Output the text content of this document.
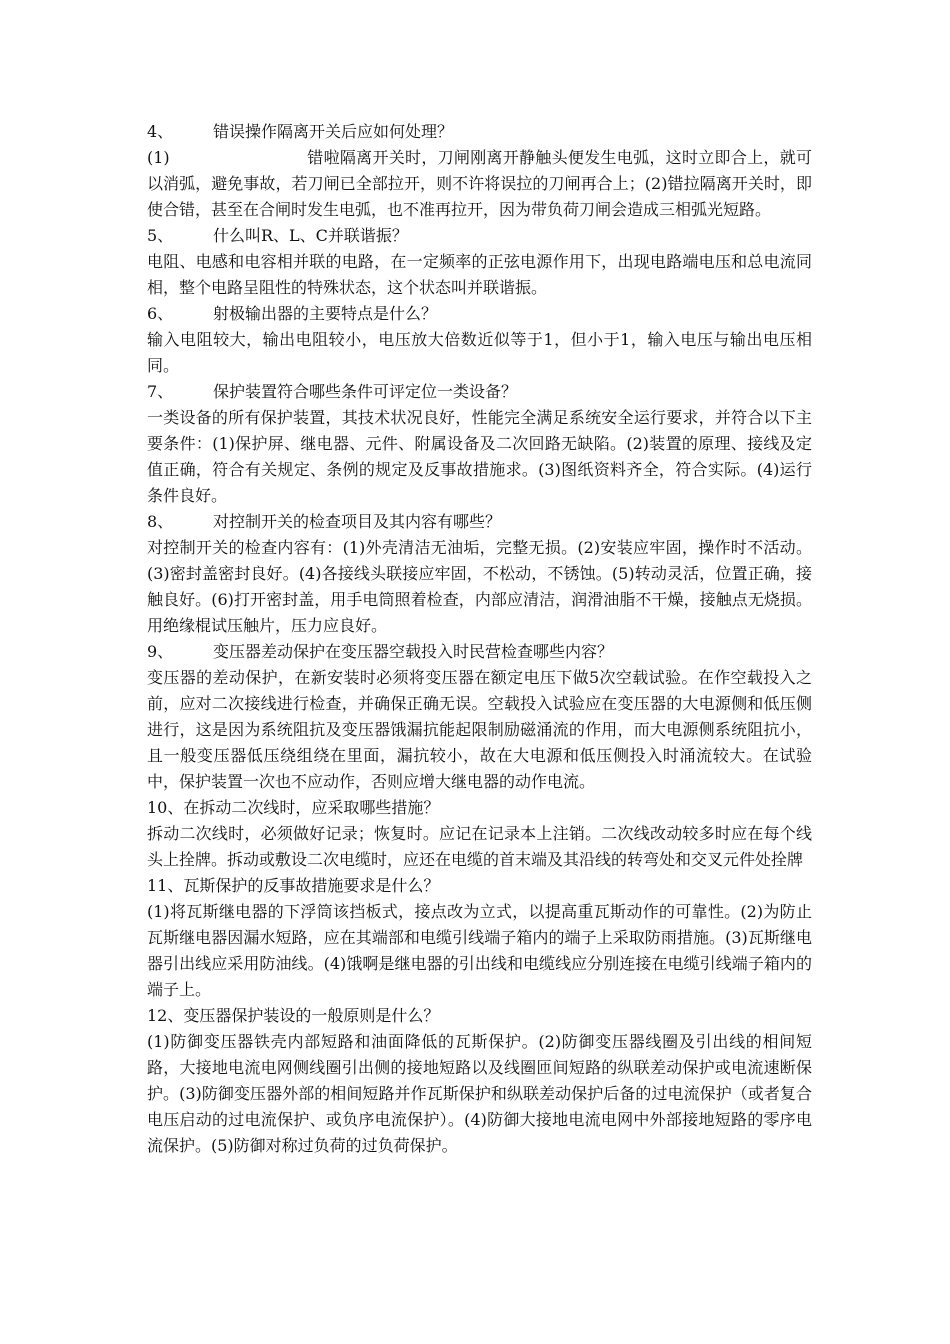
4、	错误操作隔离开关后应如何处理？

(1)	错啦隔离开关时，刀闸刚离开静触头便发生电弧，这时立即合上，就可以消弧，避免事故，若刀闸已全部拉开，则不许将误拉的刀闸再合上；(2)错拉隔离开关时，即使合错，甚至在合闸时发生电弧，也不准再拉开，因为带负荷刀闸会造成三相弧光短路。

5、	什么叫R、L、C并联谐振？

电阻、电感和电容相并联的电路，在一定频率的正弦电源作用下，出现电路端电压和总电流同相，整个电路呈阻性的特殊状态，这个状态叫并联谐振。

6、	射极输出器的主要特点是什么？

输入电阻较大，输出电阻较小，电压放大倍数近似等于1，但小于1，输入电压与输出电压相同。

7、	保护装置符合哪些条件可评定位一类设备？

一类设备的所有保护装置，其技术状况良好，性能完全满足系统安全运行要求，并符合以下主要条件：(1)保护屏、继电器、元件、附属设备及二次回路无缺陷。(2)装置的原理、接线及定值正确，符合有关规定、条例的规定及反事故措施求。(3)图纸资料齐全，符合实际。(4)运行条件良好。

8、	对控制开关的检查项目及其内容有哪些？

对控制开关的检查内容有：(1)外壳清洁无油垢，完整无损。(2)安装应牢固，操作时不活动。(3)密封盖密封良好。(4)各接线头联接应牢固，不松动，不锈蚀。(5)转动灵活，位置正确，接触良好。(6)打开密封盖，用手电筒照着检查，内部应清洁，润滑油脂不干燥，接触点无烧损。用绝缘棍试压触片，压力应良好。

9、	变压器差动保护在变压器空载投入时民营检查哪些内容？

变压器的差动保护，在新安装时必须将变压器在额定电压下做5次空载试验。在作空载投入之前，应对二次接线进行检查，并确保正确无误。空载投入试验应在变压器的大电源侧和低压侧进行，这是因为系统阻抗及变压器饿漏抗能起限制励磁涌流的作用，而大电源侧系统阻抗小，且一般变压器低压绕组绕在里面，漏抗较小，故在大电源和低压侧投入时涌流较大。在试验中，保护装置一次也不应动作，否则应增大继电器的动作电流。

10、 在拆动二次线时，应采取哪些措施？

拆动二次线时，必须做好记录；恢复时。应记在记录本上注销。二次线改动较多时应在每个线头上拴牌。拆动或敷设二次电缆时，应还在电缆的首末端及其沿线的转弯处和交叉元件处拴牌

11、 瓦斯保护的反事故措施要求是什么？

(1)将瓦斯继电器的下浮筒该挡板式，接点改为立式，以提高重瓦斯动作的可靠性。(2)为防止瓦斯继电器因漏水短路，应在其端部和电缆引线端子箱内的端子上采取防雨措施。(3)瓦斯继电器引出线应采用防油线。(4)饿啊是继电器的引出线和电缆线应分别连接在电缆引线端子箱内的端子上。

12、 变压器保护装设的一般原则是什么？

(1)防御变压器铁壳内部短路和油面降低的瓦斯保护。(2)防御变压器线圈及引出线的相间短路，大接地电流电网侧线圈引出侧的接地短路以及线圈匝间短路的纵联差动保护或电流速断保护。(3)防御变压器外部的相间短路并作瓦斯保护和纵联差动保护后备的过电流保护（或者复合电压启动的过电流保护、或负序电流保护）。(4)防御大接地电流电网中外部接地短路的零序电流保护。(5)防御对称过负荷的过负荷保护。
